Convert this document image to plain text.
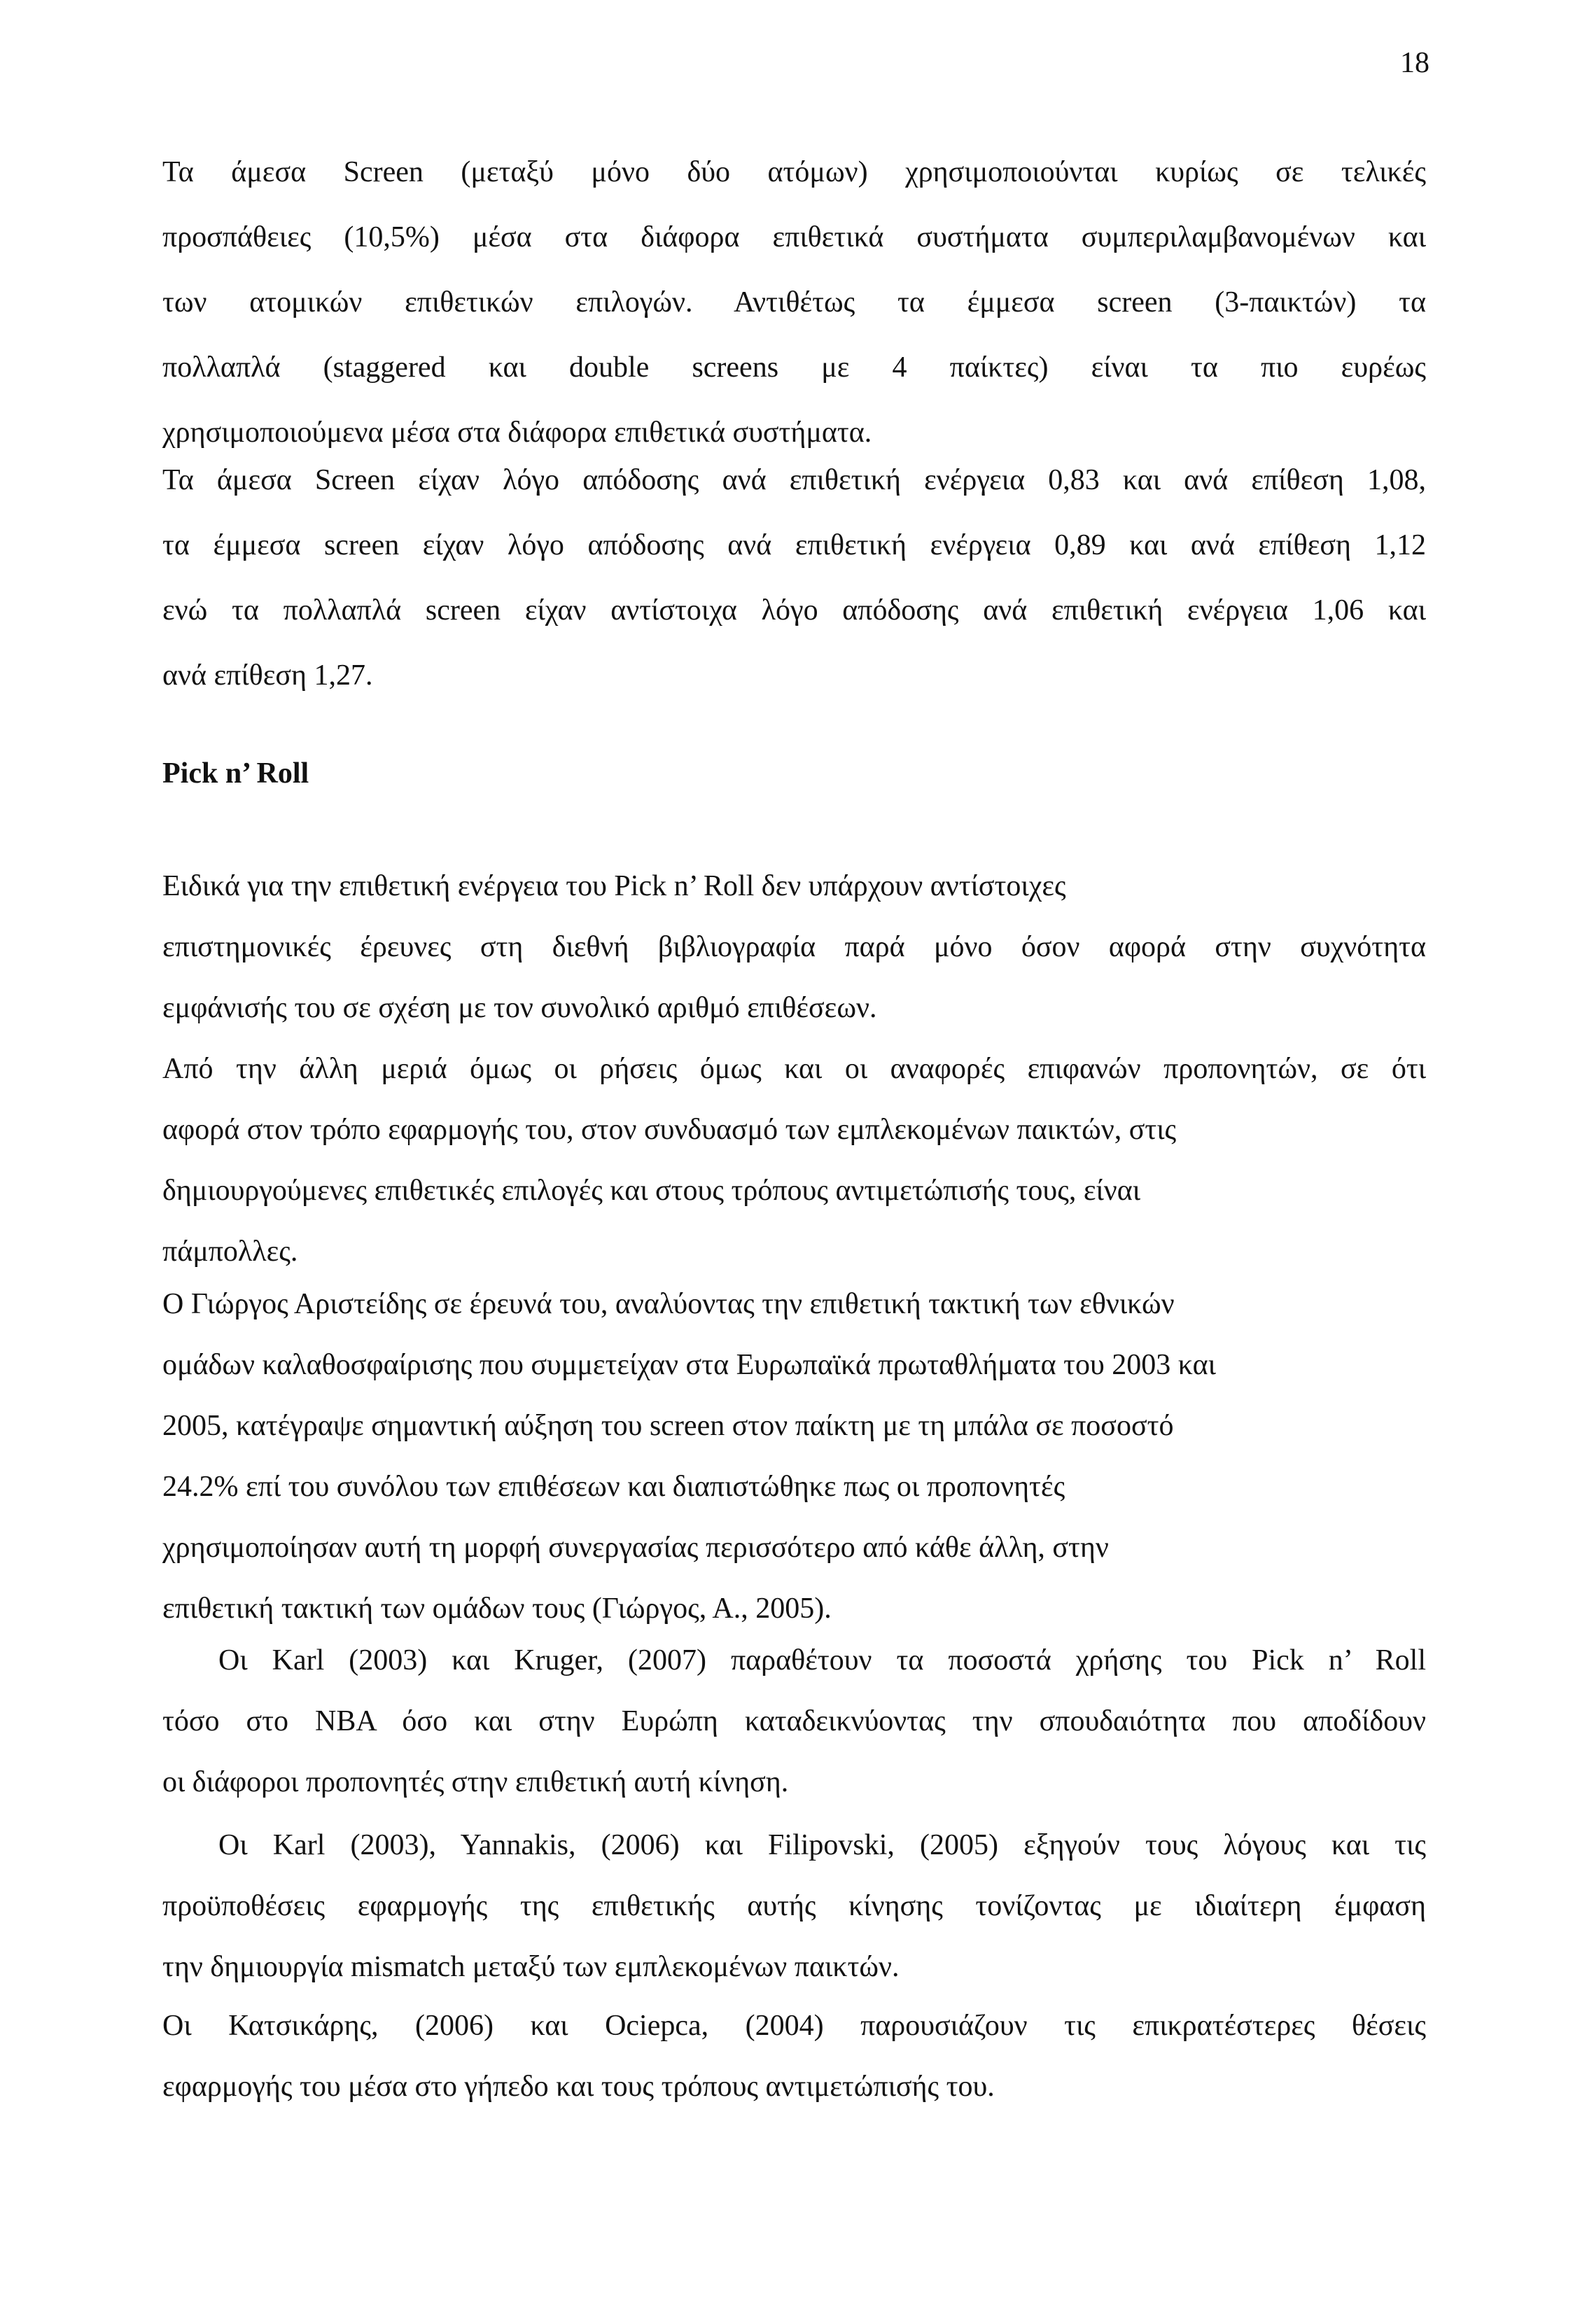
18
Τα άμεσα Screen (μεταξύ μόνο δύο ατόμων) χρησιμοποιούνται κυρίως σε τελικές
προσπάθειες (10,5%) μέσα στα διάφορα επιθετικά συστήματα συμπεριλαμβανομένων και
των ατομικών επιθετικών επιλογών. Αντιθέτως τα έμμεσα screen (3-παικτών) τα
πολλαπλά (staggered και double screens με 4 παίκτες) είναι τα πιο ευρέως
χρησιμοποιούμενα μέσα στα διάφορα επιθετικά συστήματα.
Τα άμεσα Screen είχαν λόγο απόδοσης ανά επιθετική ενέργεια 0,83 και ανά επίθεση 1,08,
τα έμμεσα screen είχαν λόγο απόδοσης ανά επιθετική ενέργεια 0,89 και ανά επίθεση 1,12
ενώ τα πολλαπλά screen είχαν αντίστοιχα λόγο απόδοσης ανά επιθετική ενέργεια 1,06 και
ανά επίθεση 1,27.
Pick n’ Roll
Ειδικά για την επιθετική ενέργεια του Pick n’ Roll δεν υπάρχουν αντίστοιχες
επιστημονικές έρευνες στη διεθνή βιβλιογραφία παρά μόνο όσον αφορά στην συχνότητα
εμφάνισής του σε σχέση με τον συνολικό αριθμό επιθέσεων.
Από την άλλη μεριά όμως οι ρήσεις όμως και οι αναφορές επιφανών προπονητών, σε ότι
αφορά στον τρόπο εφαρμογής του, στον συνδυασμό των εμπλεκομένων παικτών, στις
δημιουργούμενες επιθετικές επιλογές και στους τρόπους αντιμετώπισής τους, είναι
πάμπολλες.
Ο Γιώργος Αριστείδης σε έρευνά του, αναλύοντας την επιθετική τακτική των εθνικών
ομάδων καλαθοσφαίρισης που συμμετείχαν στα Ευρωπαϊκά πρωταθλήματα του 2003 και
2005, κατέγραψε σημαντική αύξηση του screen στον παίκτη με τη μπάλα σε ποσοστό
24.2% επί του συνόλου των επιθέσεων και διαπιστώθηκε πως οι προπονητές
χρησιμοποίησαν αυτή τη μορφή συνεργασίας περισσότερο από κάθε άλλη, στην
επιθετική τακτική των ομάδων τους (Γιώργος, Α., 2005).
Οι Karl (2003) και Kruger, (2007) παραθέτουν τα ποσοστά χρήσης του Pick n’ Roll
τόσο στο NBA όσο και στην Ευρώπη καταδεικνύοντας την σπουδαιότητα που αποδίδουν
οι διάφοροι προπονητές στην επιθετική αυτή κίνηση.
Οι Karl (2003), Yannakis, (2006) και Filipovski, (2005) εξηγούν τους λόγους και τις
προϋποθέσεις εφαρμογής της επιθετικής αυτής κίνησης τονίζοντας με ιδιαίτερη έμφαση
την δημιουργία mismatch μεταξύ των εμπλεκομένων παικτών.
Οι Κατσικάρης, (2006) και Ociepca, (2004) παρουσιάζουν τις επικρατέστερες θέσεις
εφαρμογής του μέσα στο γήπεδο και τους τρόπους αντιμετώπισής του.
